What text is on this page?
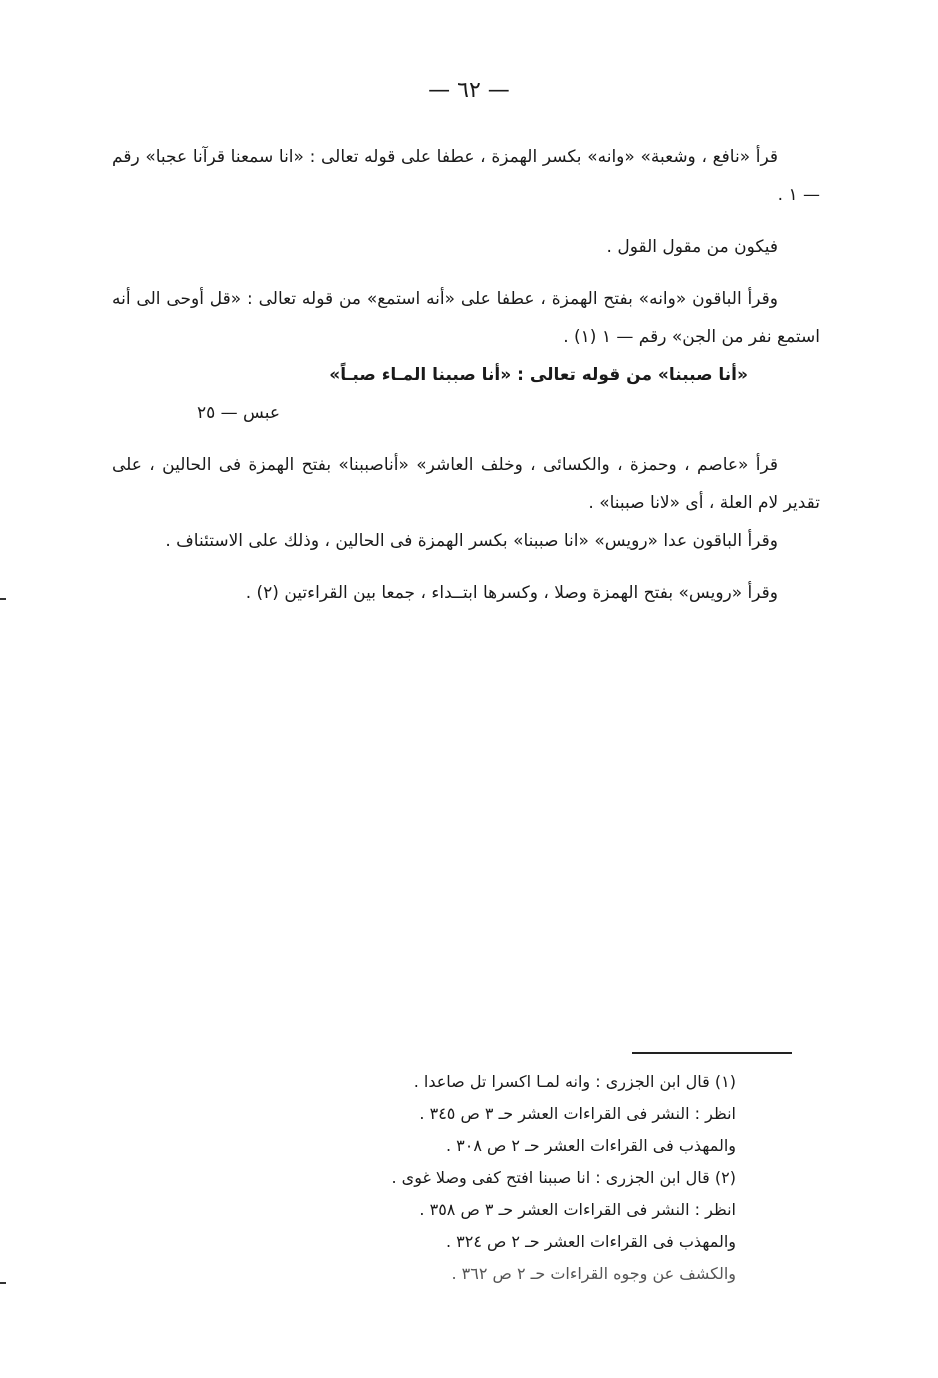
— ٦٢ —

قرأ «نافع ، وشعبة» «وانه» بكسر الهمزة ، عطفا على قوله تعالى : «انا سمعنا قرآنا عجبا» رقم — ١ .

فيكون من مقول القول .

وقرأ الباقون «وانه» بفتح الهمزة ، عطفا على «أنه استمع» من قوله تعالى : «قل أوحى الى أنه استمع نفر من الجن» رقم — ١ (١) .

«أنا صببنا» من قوله تعالى : «أنا صببنا المـاء صبـاً»

عبس — ٢٥

قرأ «عاصم ، وحمزة ، والكسائى ، وخلف العاشر» «أناصببنا» بفتح الهمزة فى الحالين ، على تقدير لام العلة ، أى «لانا صببنا» .

وقرأ الباقون عدا «رويس» «انا صببنا» بكسر الهمزة فى الحالين ، وذلك على الاستئناف .

وقرأ «رويس» بفتح الهمزة وصلا ، وكسرها ابتــداء ، جمعا بين القراءتين (٢) .

(١) قال ابن الجزرى : وانه لمـا اكسرا تل صاعدا .

انظر : النشر فى القراءات العشر حـ ٣ ص ٣٤٥ .

والمهذب فى القراءات العشر حـ ٢ ص ٣٠٨ .

(٢) قال ابن الجزرى : انا صببنا افتح كفى وصلا غوى .

انظر : النشر فى القراءات العشر حـ ٣ ص ٣٥٨ .

والمهذب فى القراءات العشر حـ ٢ ص ٣٢٤ .

والكشف عن وجوه القراءات حـ ٢ ص ٣٦٢ .
